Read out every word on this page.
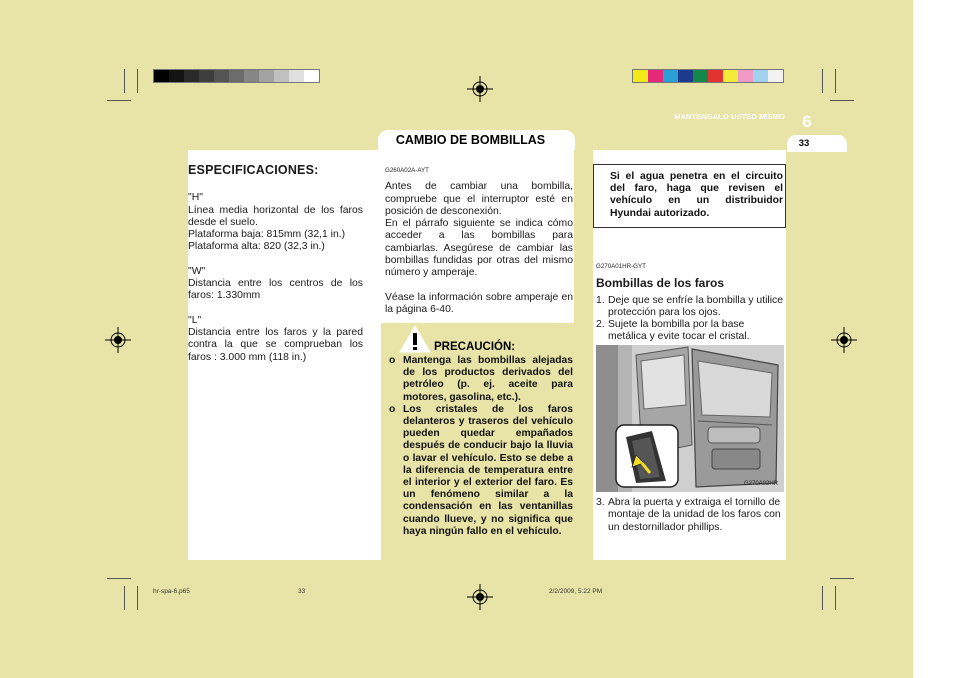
CAMBIO DE BOMBILLAS
MANTENGALO USTED MISMO	6
33
ESPECIFICACIONES:

"H"

Línea media horizontal de los faros desde el suelo.

Plataforma baja: 815mm (32,1 in.)

Plataforma alta: 820 (32,3 in.)

"W"

Distancia entre los centros de los faros: 1.330mm

"L"

Distancia entre los faros y la pared contra la que se comprueban los faros : 3.000 mm (118 in.)

G260A02A-AYT

Antes de cambiar una bombilla, compruebe que el interruptor esté en posición de desconexión.

En el párrafo siguiente se indica cómo acceder a las bombillas para cambiarlas. Asegúrese de cambiar las bombillas fundidas por otras del mismo número y amperaje.

Véase la información sobre amperaje en la página 6-40.

PRECAUCIÓN:
o Mantenga las bombillas alejadas de los productos derivados del petróleo (p. ej. aceite para motores, gasolina, etc.).
o Los cristales de los faros delanteros y traseros del vehículo pueden quedar empañados después de conducir bajo la lluvia o lavar el vehículo. Esto se debe a la diferencia de temperatura entre el interior y el exterior del faro. Es un fenómeno similar a la condensación en las ventanillas cuando llueve, y no significa que haya ningún fallo en el vehículo.

Si el agua penetra en el circuito del faro, haga que revisen el vehículo en un distribuidor Hyundai autorizado.

G270A01HR-GYT
Bombillas de los faros
1. Deje que se enfríe la bombilla y utilice protección para los ojos.
2. Sujete la bombilla por la base metálica y evite tocar el cristal.
G270A02HR
3. Abra la puerta y extraiga el tornillo de montaje de la unidad de los faros con un destornillador phillips.
hr-spa-6.p65	33	2/2/2009, 5:22 PM
